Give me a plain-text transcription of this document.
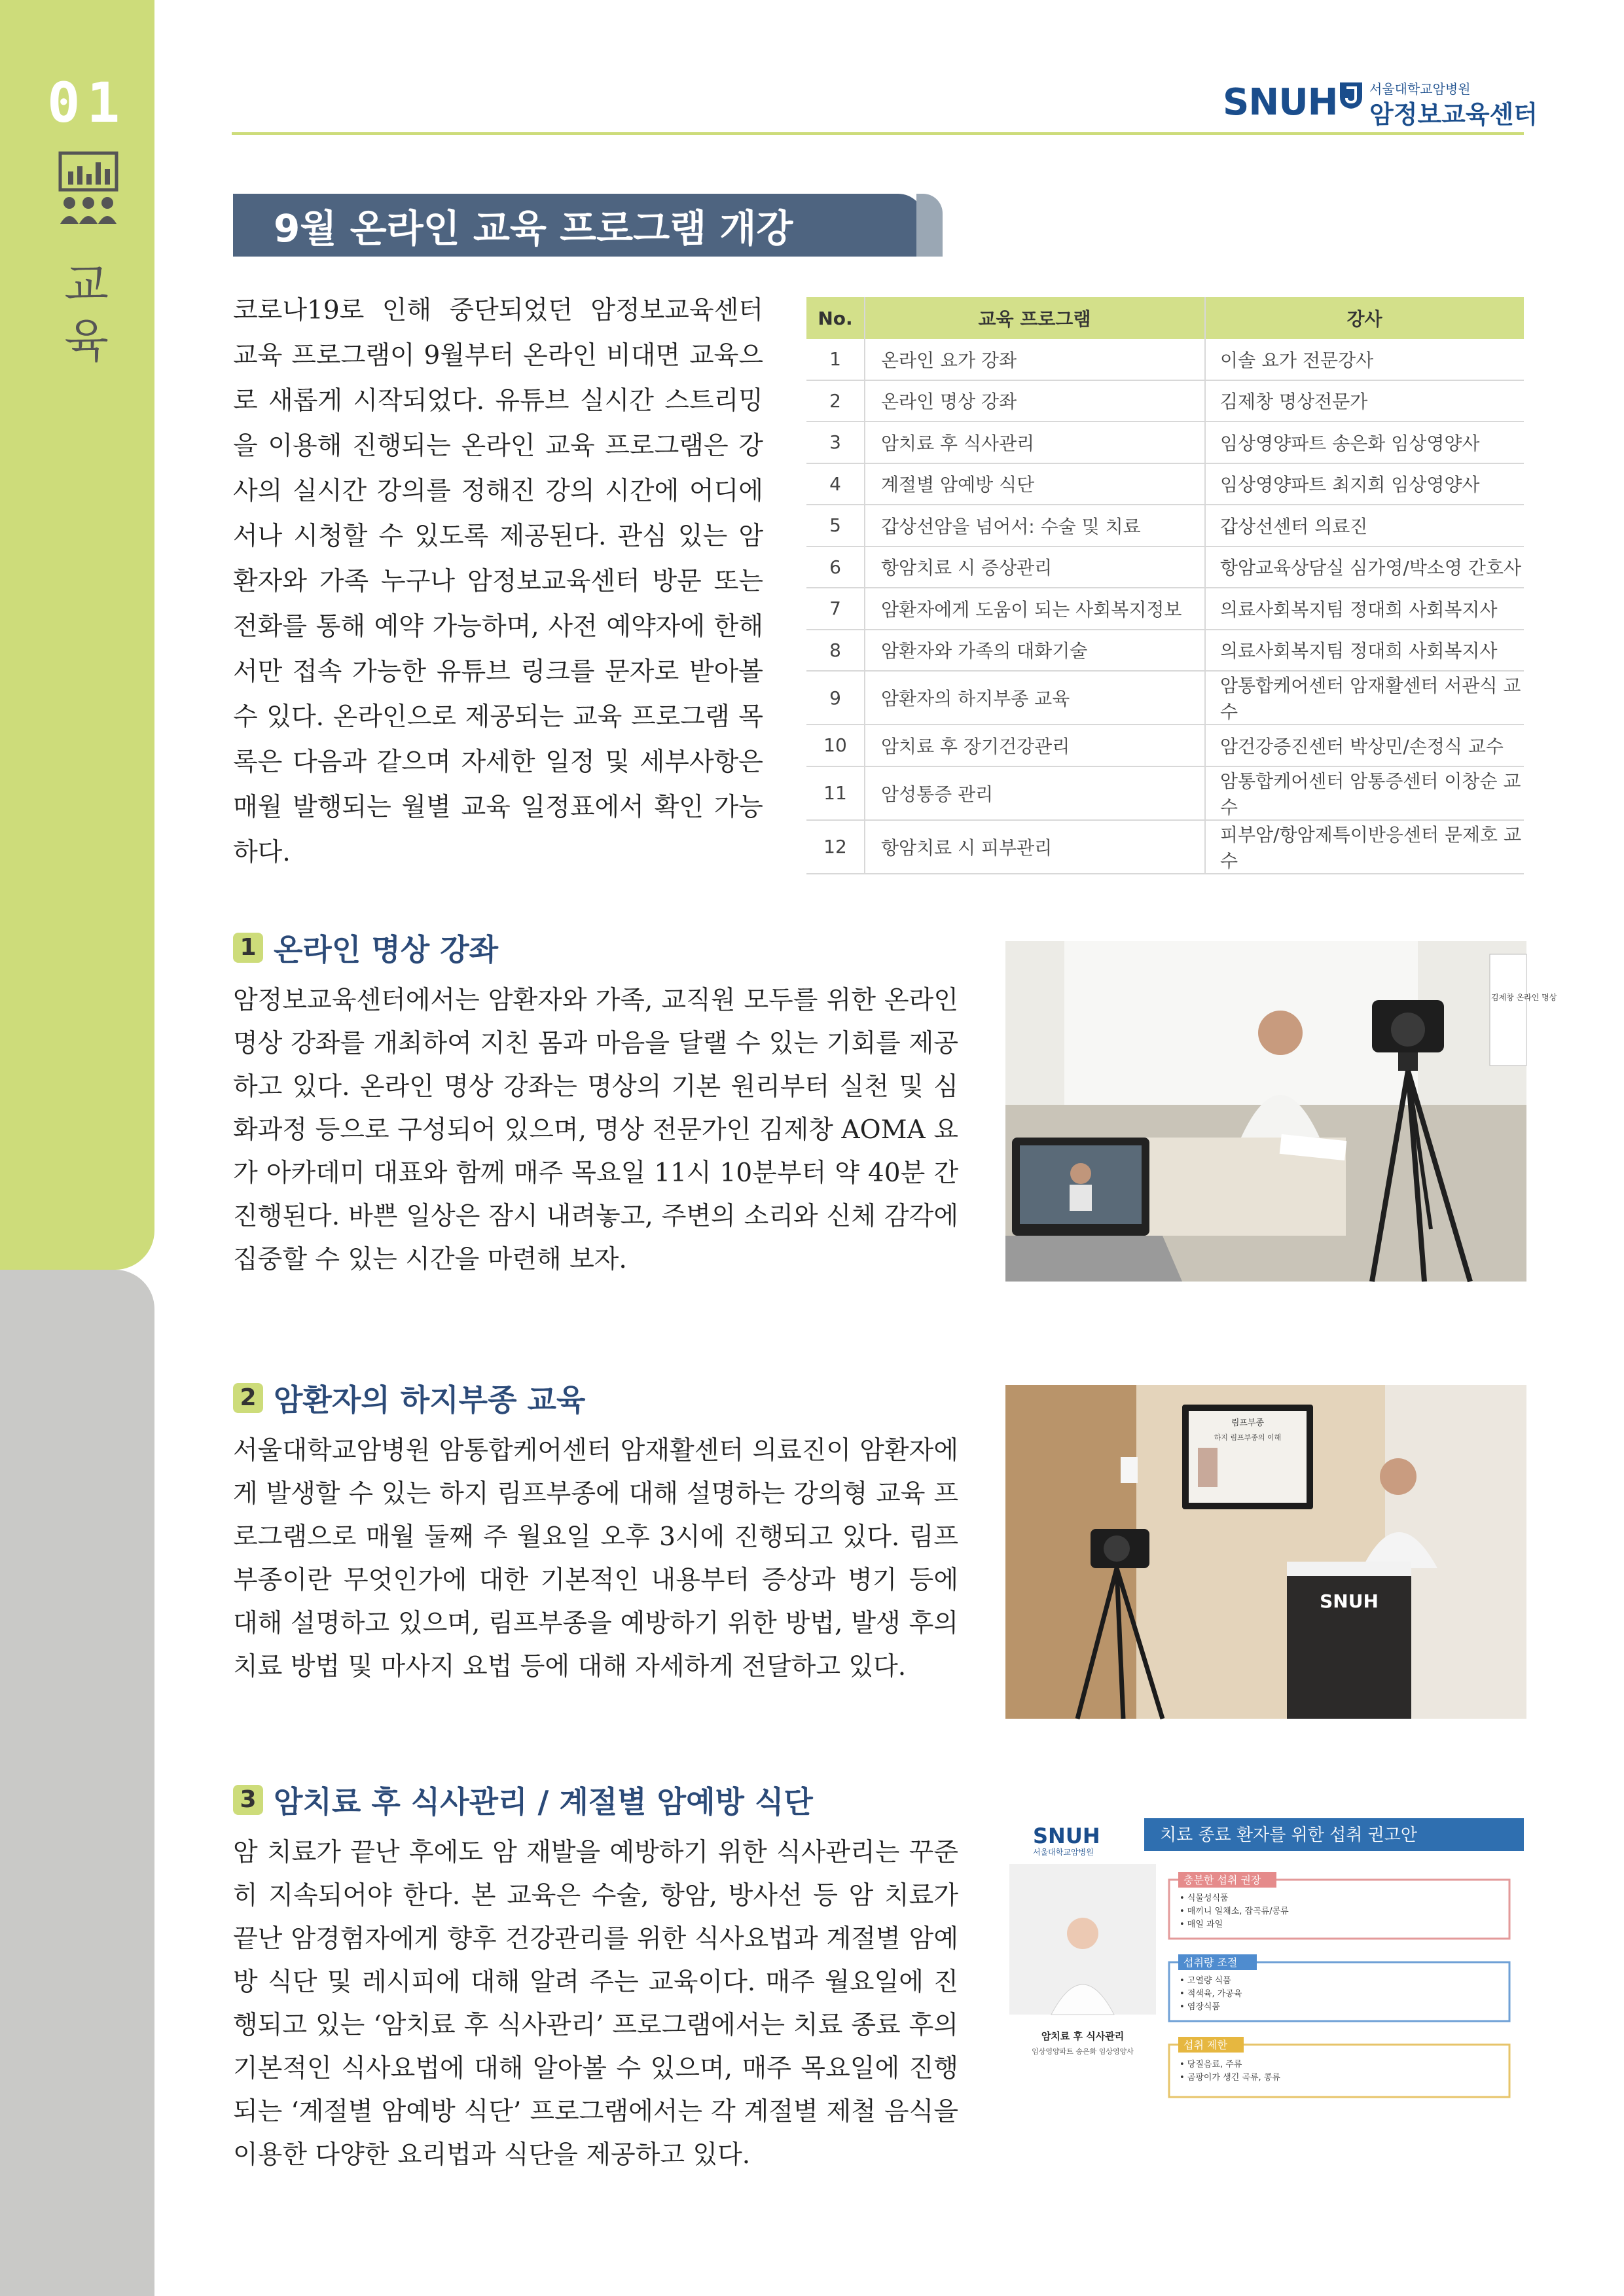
01
교
육
SNUH 서울대학교암병원
암정보교육센터
9월 온라인 교육 프로그램 개강
코로나19로 인해 중단되었던 암정보교육센터 교육 프로그램이 9월부터 온라인 비대면 교육으로 새롭게 시작되었다. 유튜브 실시간 스트리밍을 이용해 진행되는 온라인 교육 프로그램은 강사의 실시간 강의를 정해진 강의 시간에 어디에서나 시청할 수 있도록 제공된다. 관심 있는 암환자와 가족 누구나 암정보교육센터 방문 또는 전화를 통해 예약 가능하며, 사전 예약자에 한해서만 접속 가능한 유튜브 링크를 문자로 받아볼 수 있다. 온라인으로 제공되는 교육 프로그램 목록은 다음과 같으며 자세한 일정 및 세부사항은 매월 발행되는 월별 교육 일정표에서 확인 가능하다.
No.	교육 프로그램	강사
1	온라인 요가 강좌	이솔 요가 전문강사
2	온라인 명상 강좌	김제창 명상전문가
3	암치료 후 식사관리	임상영양파트 송은화 임상영양사
4	계절별 암예방 식단	임상영양파트 최지희 임상영양사
5	갑상선암을 넘어서: 수술 및 치료	갑상선센터 의료진
6	항암치료 시 증상관리	항암교육상담실 심가영/박소영 간호사
7	암환자에게 도움이 되는 사회복지정보	의료사회복지팀 정대희 사회복지사
8	암환자와 가족의 대화기술	의료사회복지팀 정대희 사회복지사
9	암환자의 하지부종 교육	암통합케어센터 암재활센터 서관식 교수
10	암치료 후 장기건강관리	암건강증진센터 박상민/손정식 교수
11	암성통증 관리	암통합케어센터 암통증센터 이창순 교수
12	항암치료 시 피부관리	피부암/항암제특이반응센터 문제호 교수
1 온라인 명상 강좌
암정보교육센터에서는 암환자와 가족, 교직원 모두를 위한 온라인 명상 강좌를 개최하여 지친 몸과 마음을 달랠 수 있는 기회를 제공하고 있다. 온라인 명상 강좌는 명상의 기본 원리부터 실천 및 심화과정 등으로 구성되어 있으며, 명상 전문가인 김제창 AOMA 요가 아카데미 대표와 함께 매주 목요일 11시 10분부터 약 40분 간 진행된다. 바쁜 일상은 잠시 내려놓고, 주변의 소리와 신체 감각에 집중할 수 있는 시간을 마련해 보자.
김제창 온라인 명상
2 암환자의 하지부종 교육
서울대학교암병원 암통합케어센터 암재활센터 의료진이 암환자에게 발생할 수 있는 하지 림프부종에 대해 설명하는 강의형 교육 프로그램으로 매월 둘째 주 월요일 오후 3시에 진행되고 있다. 림프부종이란 무엇인가에 대한 기본적인 내용부터 증상과 병기 등에 대해 설명하고 있으며, 림프부종을 예방하기 위한 방법, 발생 후의 치료 방법 및 마사지 요법 등에 대해 자세하게 전달하고 있다.
림프부종
하지 림프부종의 이해
SNUH
3 암치료 후 식사관리 / 계절별 암예방 식단
암 치료가 끝난 후에도 암 재발을 예방하기 위한 식사관리는 꾸준히 지속되어야 한다. 본 교육은 수술, 항암, 방사선 등 암 치료가 끝난 암경험자에게 향후 건강관리를 위한 식사요법과 계절별 암예방 식단 및 레시피에 대해 알려 주는 교육이다. 매주 월요일에 진행되고 있는 ‘암치료 후 식사관리’ 프로그램에서는 치료 종료 후의 기본적인 식사요법에 대해 알아볼 수 있으며, 매주 목요일에 진행되는 ‘계절별 암예방 식단’ 프로그램에서는 각 계절별 제철 음식을 이용한 다양한 요리법과 식단을 제공하고 있다.
SNUH
서울대학교암병원
치료 종료 환자를 위한 섭취 권고안
암치료 후 식사관리
임상영양파트 송은화 임상영양사
충분한 섭취 권장
• 식물성식품
• 매끼니 일채소, 잡곡류/콩류
• 매일 과일
섭취량 조절
• 고열량 식품
• 적색육, 가공육
• 염장식품
섭취 제한
• 당질음료, 주류
• 곰팡이가 생긴 곡류, 콩류
